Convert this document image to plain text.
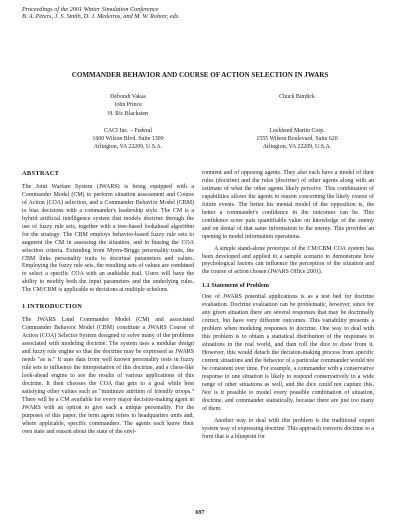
Proceedings of the 2001 Winter Simulation Conference
B. A. Peters, J. S. Smith, D. J. Medeiros, and M. W. Rohrer, eds.
COMMANDER BEHAVIOR AND COURSE OF ACTION SELECTION IN JWARS
Deborah Vakas
John Prince
H. Ric Blacksten
CACI Inc. – Federal
1600 Wilson Blvd. Suite 1300
Arlington, VA 22209, U.S.A.
Chuck Burdick
Lockheed Martin Corp.
1555 Wilson Boulevard, Suite 620
Arlington, VA 22209, U.S.A.
ABSTRACT

The Joint Warfare System (JWARS) is being equipped with a Commander Model (CM) to perform situation assessment and Course of Action (COA) selection, and a Commander Behavior Model (CBM) to bias decisions with a commander's leadership style. The CM is a hybrid artificial intelligence system that models doctrine through the use of fuzzy rule sets, together with a tree-based lookahead algorithm for the strategy. The CBM employs behavior-based fuzzy rule sets to augment the CM in assessing the situation, and in biasing the COA selection criteria. Extending from Myers-Briggs personality traits, the CBM links personality traits to doctrinal parameters and values. Employing the fuzzy rule sets, the resulting sets of values are combined to select a specific COA with an auditable trail. Users will have the ability to modify both the input parameters and the underlying rules. The CM/CBM is applicable to decisions at multiple echelons.

1 INTRODUCTION

The JWARS Land Commander Model (CM) and associated Commander Behavior Model (CBM) constitute a JWARS Course of Action (COA) Selector System designed to solve many of the problems associated with modeling doctrine. The system uses a modular design and fuzzy rule engine so that the doctrine may be expressed as JWARS needs "as is." It uses data from well known personality tests in fuzzy rule sets to influence the interpretation of this doctrine, and a chess-like look-ahead engine to see the results of various applications of this doctrine. It then chooses the COA that gets to a goal while best satisfying other values such as "minimize attrition of friendly troops." There will be a CM available for every major decision-making agent in JWARS with an option to give each a unique personality. For the purposes of this paper, the term agent refers to headquarters units and, where applicable, specific commanders. The agents each know their own state and reason about the state of the envi-

ronment and of opposing agents. They also each have a model of their rules (doctrine) and the rules (doctrine) of other agents along with an estimate of what the other agents likely perceive. This combination of capabilities allows the agents to reason concerning the likely course of future events. The better his mental model of the opposition is, the better a commander's confidence in the outcomes can be. This confidence score puts quantifiable value on knowledge of the enemy and on denial of that same information to the enemy. This provides an opening to model information operations.

A simple stand-alone prototype of the CM/CBM COA system has been developed and applied to a sample scenario to demonstrate how psychological factors can influence the perception of the situation and the course of action chosen (JWARS Office 2001).

1.1 Statement of Problem

One of JWARS potential applications is as a test bed for doctrine evaluation. Doctrine evaluation can be problematic, however, since for any given situation there are several responses that may be doctrinally correct, but have very different outcomes. This variability presents a problem when modeling responses to doctrine. One way to deal with this problem is to obtain a statistical distribution of the responses to situations in the real world, and then roll the dice to draw from it. However, this would detach the decision-making process from specific current situations and the behavior of a particular commander would not be consistent over time. For example, a commander with a conservative response to one situation is likely to respond conservatively to a wide range of other situations as well, and the dice could not capture this. Nor is it possible to model every possible combination of situation, doctrine, and commander statistically, because there are just too many of them.

Another way to deal with this problem is the traditional expert system way of expressing doctrine. This approach converts doctrine to a form that is a blueprint for

697
